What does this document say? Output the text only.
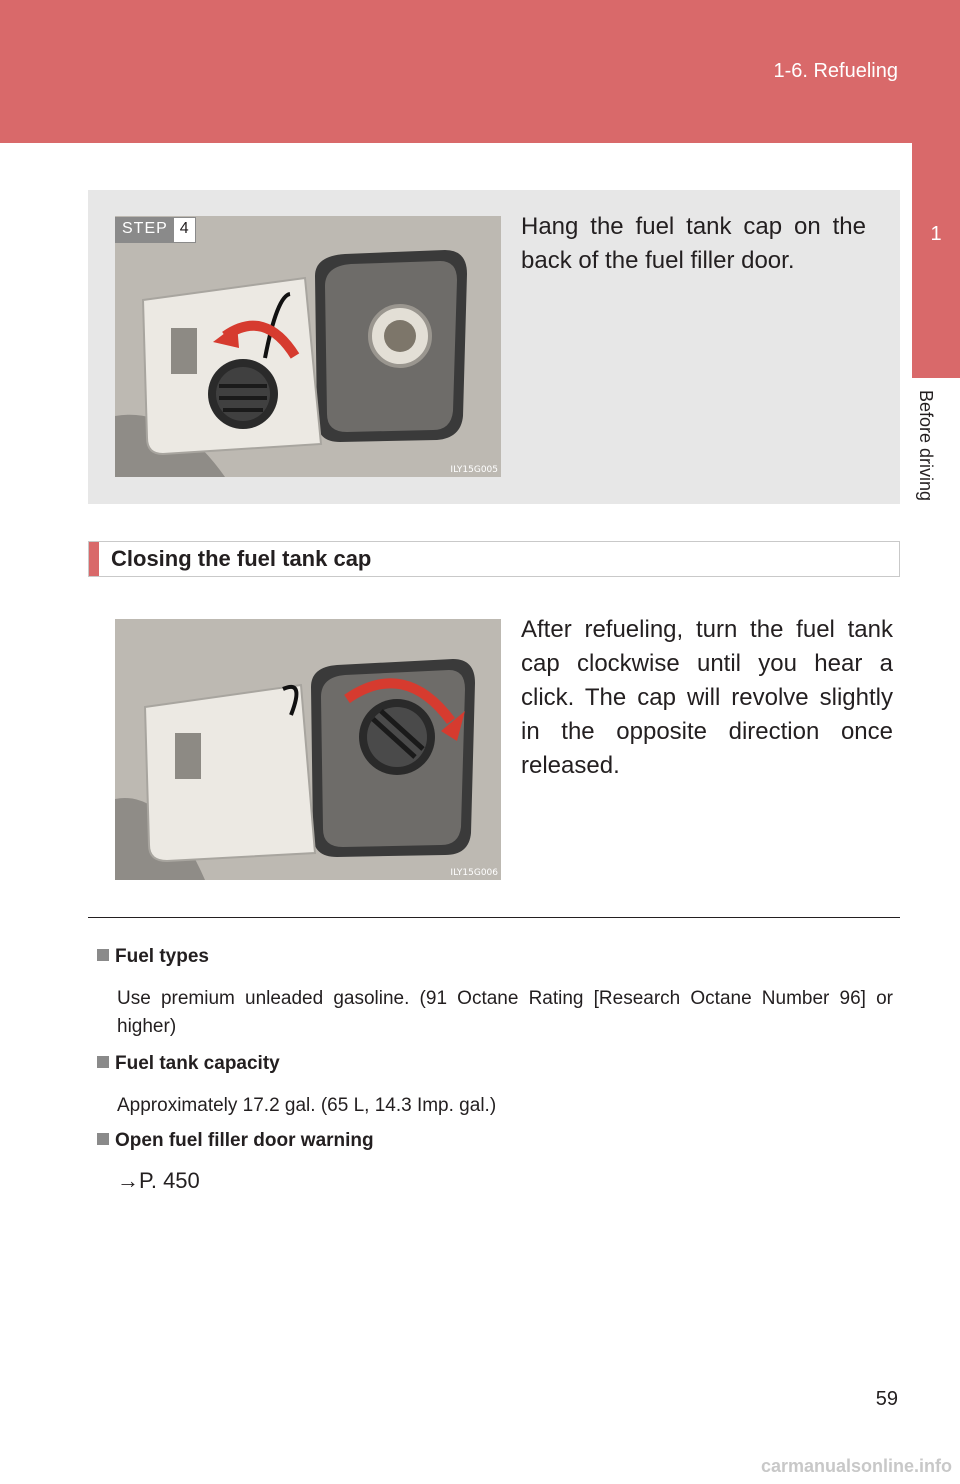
1-6. Refueling
1
Before driving
ILY15G005
STEP 4	Hang the fuel tank cap on the back of the fuel filler door.
Closing the fuel tank cap
ILY15G006
After refueling, turn the fuel tank cap clockwise until you hear a click. The cap will revolve slightly in the opposite direction once released.
Fuel types
Use premium unleaded gasoline. (91 Octane Rating [Research Octane Number 96] or higher)
Fuel tank capacity
Approximately 17.2 gal. (65 L, 14.3 Imp. gal.)
Open fuel filler door warning
→P. 450
59
carmanualsonline.info
